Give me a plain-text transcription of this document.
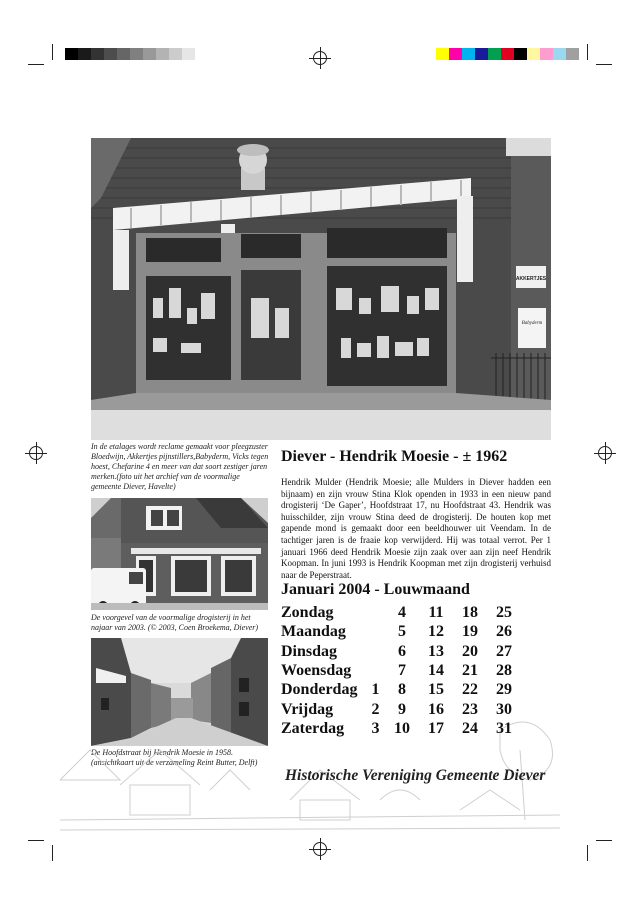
AKKERTJES
Babyderm
In de etalages wordt reclame gemaakt voor pleegzuster Bloedwijn, Akkertjes pijnstillers,Babyderm, Vicks tegen hoest, Chefarine 4 en meer van dat soort zestiger jaren merken.(foto uit het archief van de voormalige gemeente Diever, Havelte)
De voorgevel van de voormalige drogisterij in het najaar van 2003. (© 2003, Coen Broekema, Diever)
De Hoofdstraat bij Hendrik Moesie in 1958. (ansichtkaart uit de verzameling Reint Butter, Delft)
Diever - Hendrik Moesie - ± 1962
Hendrik Mulder (Hendrik Moesie; alle Mulders in Diever hadden een bijnaam) en zijn vrouw Stina Klok openden in 1933 in een nieuw pand drogisterij ‘De Gaper’, Hoofdstraat 17, nu Hoofdstraat 43. Hendrik was huisschilder, zijn vrouw Stina deed de drogisterij. De houten kop met gapende mond is gemaakt door een beeldhouwer uit Veendam. In de tachtiger jaren is de fraaie kop verwijderd. Hij was totaal verrot. Per 1 januari 1966 deed Hendrik Moesie zijn zaak over aan zijn neef Hendrik Koopman. In juni 1993 is Hendrik Koopman met zijn drogisterij verhuisd naar de Peperstraat.
Januari 2004 - Louwmaand
Zondag		4	11	18	25
Maandag		5	12	19	26
Dinsdag		6	13	20	27
Woensdag		7	14	21	28
Donderdag	1	8	15	22	29
Vrijdag	2	9	16	23	30
Zaterdag	3	10	17	24	31
Historische Vereniging Gemeente Diever
